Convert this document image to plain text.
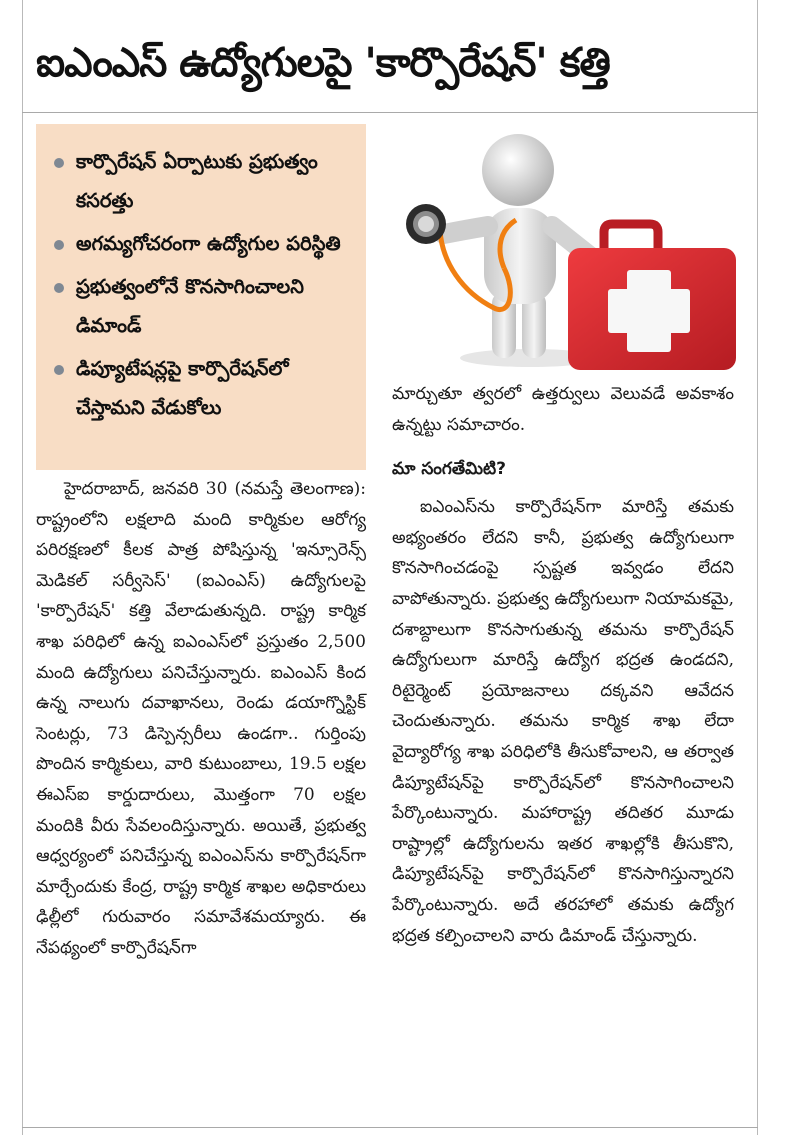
ఐఎంఎస్ ఉద్యోగులపై 'కార్పొరేషన్' కత్తి
కార్పొరేషన్ ఏర్పాటుకు ప్రభుత్వం కసరత్తు
అగమ్యగోచరంగా ఉద్యోగుల పరిస్థితి
ప్రభుత్వంలోనే కొనసాగించాలని డిమాండ్
డిప్యూటేషన్లపై కార్పొరేషన్‌లో చేస్తామని వేడుకోలు

హైదరాబాద్, జనవరి 30 (నమస్తే తెలంగాణ): రాష్ట్రంలోని లక్షలాది మంది కార్మికుల ఆరోగ్య పరిరక్షణలో కీలక పాత్ర పోషిస్తున్న 'ఇన్సూరెన్స్ మెడికల్ సర్వీసెస్' (ఐఎంఎస్) ఉద్యోగులపై 'కార్పొరేషన్' కత్తి వేలాడుతున్నది. రాష్ట్ర కార్మిక శాఖ పరిధిలో ఉన్న ఐఎంఎస్‌లో ప్రస్తుతం 2,500 మంది ఉద్యోగులు పనిచేస్తున్నారు. ఐఎంఎస్ కింద ఉన్న నాలుగు దవాఖానలు, రెండు డయాగ్నొస్టిక్ సెంటర్లు, 73 డిస్పెన్సరీలు ఉండగా.. గుర్తింపు పొందిన కార్మికులు, వారి కుటుంబాలు, 19.5 లక్షల ఈఎస్ఐ కార్డుదారులు, మొత్తంగా 70 లక్షల మందికి వీరు సేవలందిస్తున్నారు. అయితే, ప్రభుత్వ ఆధ్వర్యంలో పనిచేస్తున్న ఐఎంఎస్‌ను కార్పొరేషన్‌గా మార్చేందుకు కేంద్ర, రాష్ట్ర కార్మిక శాఖల అధికారులు ఢిల్లీలో గురువారం సమావేశమయ్యారు. ఈ నేపథ్యంలో కార్పొరేషన్‌గా

మార్చుతూ త్వరలో ఉత్తర్వులు వెలువడే అవకాశం ఉన్నట్టు సమాచారం.

మా సంగతేమిటి?

ఐఎంఎస్‌ను కార్పొరేషన్‌గా మారిస్తే తమకు అభ్యంతరం లేదని కానీ, ప్రభుత్వ ఉద్యోగులుగా కొనసాగించడంపై స్పష్టత ఇవ్వడం లేదని వాపోతున్నారు. ప్రభుత్వ ఉద్యోగులుగా నియామకమై, దశాబ్దాలుగా కొనసాగుతున్న తమను కార్పొరేషన్ ఉద్యోగులుగా మారిస్తే ఉద్యోగ భద్రత ఉండదని, రిటైర్మెంట్ ప్రయోజనాలు దక్కవని ఆవేదన చెందుతున్నారు. తమను కార్మిక శాఖ లేదా వైద్యారోగ్య శాఖ పరిధిలోకి తీసుకోవాలని, ఆ తర్వాత డిప్యూటేషన్‌పై కార్పొరేషన్‌లో కొనసాగించాలని పేర్కొంటున్నారు. మహారాష్ట్ర తదితర మూడు రాష్ట్రాల్లో ఉద్యోగులను ఇతర శాఖల్లోకి తీసుకొని, డిప్యూటేషన్‌పై కార్పొరేషన్‌లో కొనసాగిస్తున్నారని పేర్కొంటున్నారు. అదే తరహాలో తమకు ఉద్యోగ భద్రత కల్పించాలని వారు డిమాండ్ చేస్తున్నారు.
